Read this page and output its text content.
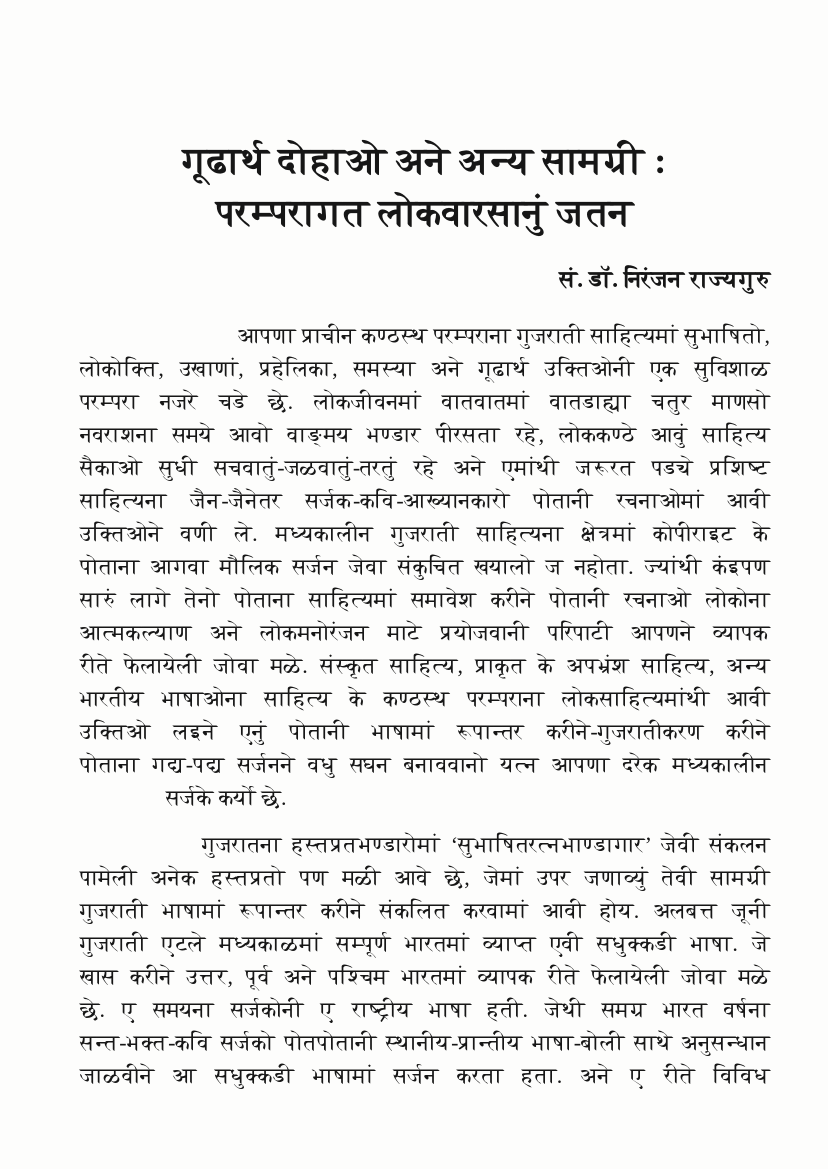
गूढार्थ दोहाओ अने अन्य सामग्री :
परम्परागत लोकवारसानुं जतन
सं. डॉ. निरंजन राज्यगुरु
आपणा प्राचीन कण्ठस्थ परम्पराना गुजराती साहित्यमां सुभाषितो,
लोकोक्ति, उखाणां, प्रहेलिका, समस्या अने गूढार्थ उक्तिओनी एक सुविशाळ
परम्परा नजरे चडे छे. लोकजीवनमां वातवातमां वातडाह्या चतुर माणसो
नवराशना समये आवो वाङ्मय भण्डार पीरसता रहे, लोककण्ठे आवुं साहित्य
सैकाओ सुधी सचवातुं-जळवातुं-तरतुं रहे अने एमांथी जरूरत पड्ये प्रशिष्ट
साहित्यना जैन-जैनेतर सर्जक-कवि-आख्यानकारो पोतानी रचनाओमां आवी
उक्तिओने वणी ले. मध्यकालीन गुजराती साहित्यना क्षेत्रमां कोपीराइट के
पोताना आगवा मौलिक सर्जन जेवा संकुचित खयालो ज नहोता. ज्यांथी कंइपण
सारुं लागे तेनो पोताना साहित्यमां समावेश करीने पोतानी रचनाओ लोकोना
आत्मकल्याण अने लोकमनोरंजन माटे प्रयोजवानी परिपाटी आपणने व्यापक
रीते फेलायेली जोवा मळे. संस्कृत साहित्य, प्राकृत के अपभ्रंश साहित्य, अन्य
भारतीय भाषाओना साहित्य के कण्ठस्थ परम्पराना लोकसाहित्यमांथी आवी
उक्तिओ लइने एनुं पोतानी भाषामां रूपान्तर करीने-गुजरातीकरण करीने
पोताना गद्य-पद्य सर्जनने वधु सघन बनाववानो यत्न आपणा दरेक मध्यकालीन
सर्जके कर्यो छे.
गुजरातना हस्तप्रतभण्डारोमां ‘सुभाषितरत्नभाण्डागार’ जेवी संकलन
पामेली अनेक हस्तप्रतो पण मळी आवे छे, जेमां उपर जणाव्युं तेवी सामग्री
गुजराती भाषामां रूपान्तर करीने संकलित करवामां आवी होय. अलबत्त जूनी
गुजराती एटले मध्यकाळमां सम्पूर्ण भारतमां व्याप्त एवी सधुक्कडी भाषा. जे
खास करीने उत्तर, पूर्व अने पश्चिम भारतमां व्यापक रीते फेलायेली जोवा मळे
छे. ए समयना सर्जकोनी ए राष्ट्रीय भाषा हती. जेथी समग्र भारत वर्षना
सन्त-भक्त-कवि सर्जको पोतपोतानी स्थानीय-प्रान्तीय भाषा-बोली साथे अनुसन्धान
जाळवीने आ सधुक्कडी भाषामां सर्जन करता हता. अने ए रीते विविध
